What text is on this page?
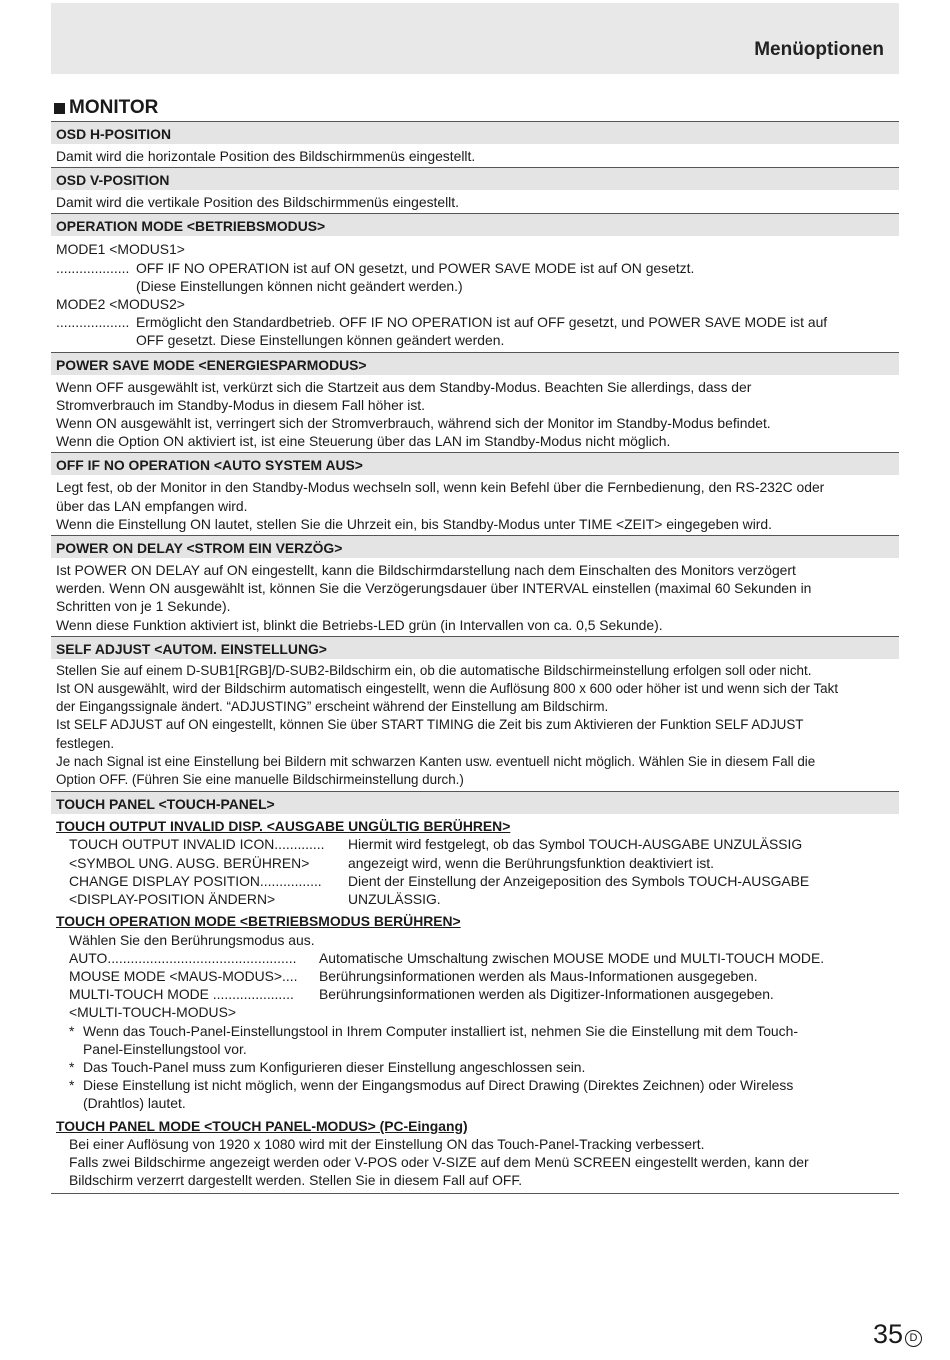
Menüoptionen
MONITOR
OSD H-POSITION
Damit wird die horizontale Position des Bildschirmmenüs eingestellt.
OSD V-POSITION
Damit wird die vertikale Position des Bildschirmmenüs eingestellt.
OPERATION MODE <BETRIEBSMODUS>
MODE1 <MODUS1>
................... OFF IF NO OPERATION ist auf ON gesetzt, und POWER SAVE MODE ist auf ON gesetzt.
(Diese Einstellungen können nicht geändert werden.)
MODE2 <MODUS2>
................... Ermöglicht den Standardbetrieb. OFF IF NO OPERATION ist auf OFF gesetzt, und POWER SAVE MODE ist auf
OFF gesetzt. Diese Einstellungen können geändert werden.
POWER SAVE MODE <ENERGIESPARMODUS>
Wenn OFF ausgewählt ist, verkürzt sich die Startzeit aus dem Standby-Modus. Beachten Sie allerdings, dass der
Stromverbrauch im Standby-Modus in diesem Fall höher ist.
Wenn ON ausgewählt ist, verringert sich der Stromverbrauch, während sich der Monitor im Standby-Modus befindet.
Wenn die Option ON aktiviert ist, ist eine Steuerung über das LAN im Standby-Modus nicht möglich.
OFF IF NO OPERATION <AUTO SYSTEM AUS>
Legt fest, ob der Monitor in den Standby-Modus wechseln soll, wenn kein Befehl über die Fernbedienung, den RS-232C oder
über das LAN empfangen wird.
Wenn die Einstellung ON lautet, stellen Sie die Uhrzeit ein, bis Standby-Modus unter TIME <ZEIT> eingegeben wird.
POWER ON DELAY <STROM EIN VERZÖG>
Ist POWER ON DELAY auf ON eingestellt, kann die Bildschirmdarstellung nach dem Einschalten des Monitors verzögert
werden. Wenn ON ausgewählt ist, können Sie die Verzögerungsdauer über INTERVAL einstellen (maximal 60 Sekunden in
Schritten von je 1 Sekunde).
Wenn diese Funktion aktiviert ist, blinkt die Betriebs-LED grün (in Intervallen von ca. 0,5 Sekunde).
SELF ADJUST <AUTOM. EINSTELLUNG>
Stellen Sie auf einem D-SUB1[RGB]/D-SUB2-Bildschirm ein, ob die automatische Bildschirmeinstellung erfolgen soll oder nicht.
Ist ON ausgewählt, wird der Bildschirm automatisch eingestellt, wenn die Auflösung 800 x 600 oder höher ist und wenn sich der Takt
der Eingangssignale ändert. “ADJUSTING” erscheint während der Einstellung am Bildschirm.
Ist SELF ADJUST auf ON eingestellt, können Sie über START TIMING die Zeit bis zum Aktivieren der Funktion SELF ADJUST
festlegen.
Je nach Signal ist eine Einstellung bei Bildern mit schwarzen Kanten usw. eventuell nicht möglich. Wählen Sie in diesem Fall die
Option OFF. (Führen Sie eine manuelle Bildschirmeinstellung durch.)
TOUCH PANEL <TOUCH-PANEL>
TOUCH OUTPUT INVALID DISP. <AUSGABE UNGÜLTIG BERÜHREN>
TOUCH OUTPUT INVALID ICON.............	Hiermit wird festgelegt, ob das Symbol TOUCH-AUSGABE UNZULÄSSIG
<SYMBOL UNG. AUSG. BERÜHREN>	angezeigt wird, wenn die Berührungsfunktion deaktiviert ist.
CHANGE DISPLAY POSITION................	Dient der Einstellung der Anzeigeposition des Symbols TOUCH-AUSGABE
<DISPLAY-POSITION ÄNDERN>	UNZULÄSSIG.
TOUCH OPERATION MODE <BETRIEBSMODUS BERÜHREN>
Wählen Sie den Berührungsmodus aus.
AUTO.................................................	Automatische Umschaltung zwischen MOUSE MODE und MULTI-TOUCH MODE.
MOUSE MODE <MAUS-MODUS>....	Berührungsinformationen werden als Maus-Informationen ausgegeben.
MULTI-TOUCH MODE .....................	Berührungsinformationen werden als Digitizer-Informationen ausgegeben.
<MULTI-TOUCH-MODUS>
* Wenn das Touch-Panel-Einstellungstool in Ihrem Computer installiert ist, nehmen Sie die Einstellung mit dem Touch-
Panel-Einstellungstool vor.
* Das Touch-Panel muss zum Konfigurieren dieser Einstellung angeschlossen sein.
* Diese Einstellung ist nicht möglich, wenn der Eingangsmodus auf Direct Drawing (Direktes Zeichnen) oder Wireless
(Drahtlos) lautet.
TOUCH PANEL MODE <TOUCH PANEL-MODUS> (PC-Eingang)
Bei einer Auflösung von 1920 x 1080 wird mit der Einstellung ON das Touch-Panel-Tracking verbessert.
Falls zwei Bildschirme angezeigt werden oder V-POS oder V-SIZE auf dem Menü SCREEN eingestellt werden, kann der
Bildschirm verzerrt dargestellt werden. Stellen Sie in diesem Fall auf OFF.
35 D
